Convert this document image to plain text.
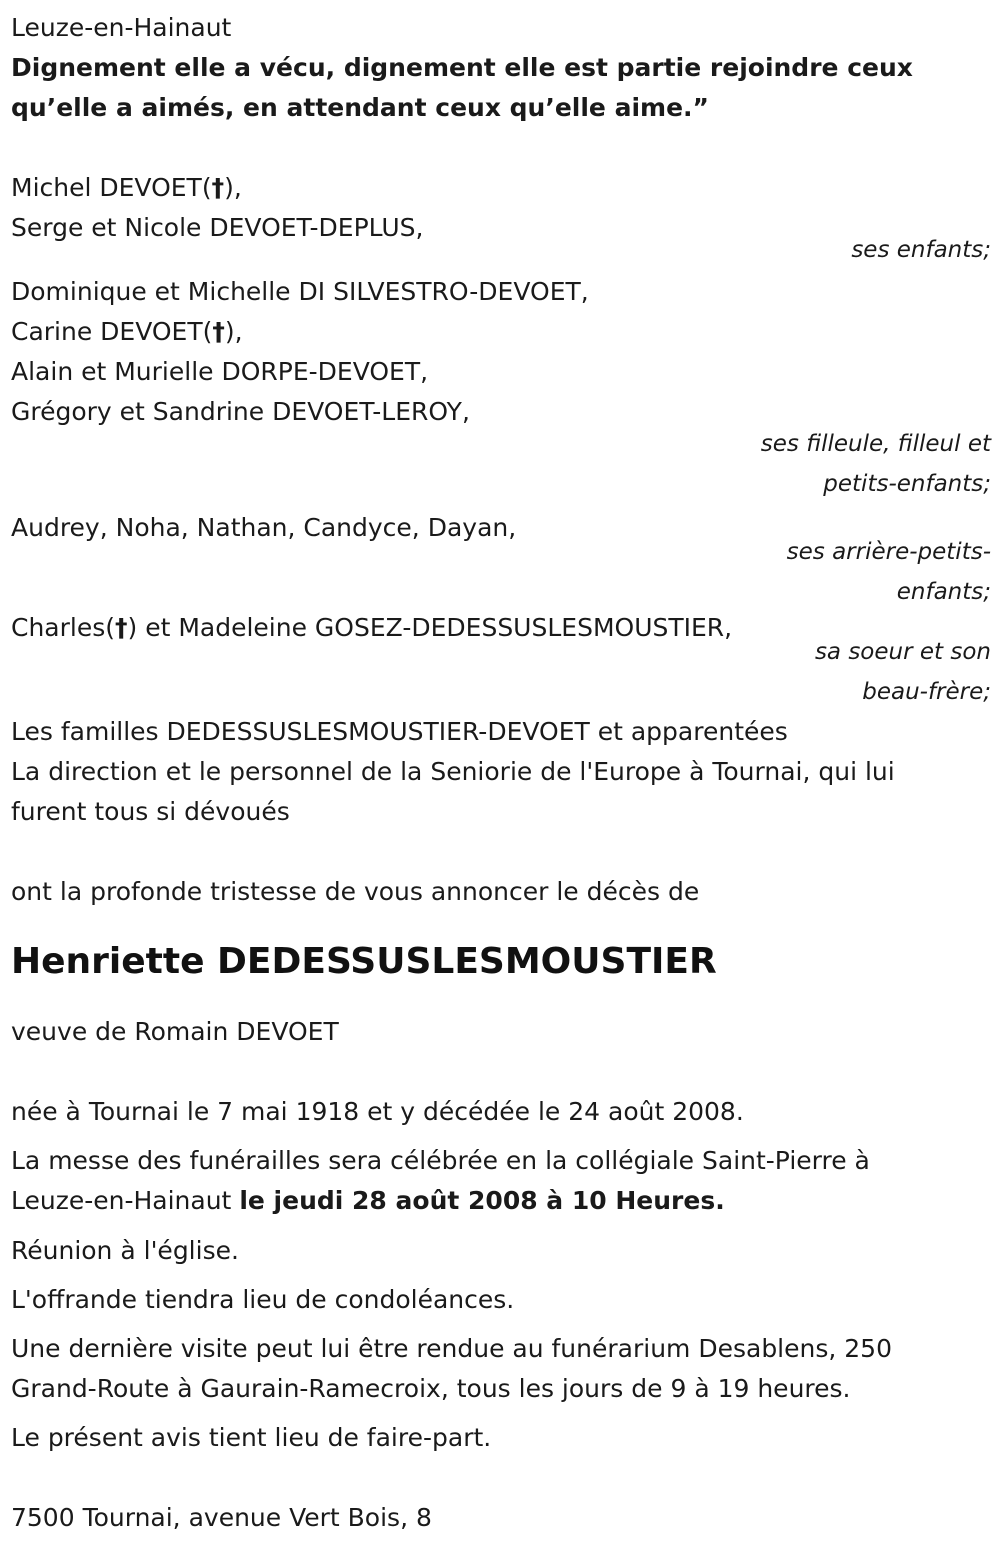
Leuze-en-Hainaut
Dignement elle a vécu, dignement elle est partie rejoindre ceux
qu’elle a aimés, en attendant ceux qu’elle aime.”
Michel DEVOET(†),
Serge et Nicole DEVOET-DEPLUS,
ses enfants;
Dominique et Michelle DI SILVESTRO-DEVOET,
Carine DEVOET(†),
Alain et Murielle DORPE-DEVOET,
Grégory et Sandrine DEVOET-LEROY,
ses filleule, filleul et
petits-enfants;
Audrey, Noha, Nathan, Candyce, Dayan,
ses arrière-petits-
enfants;
Charles(†) et Madeleine GOSEZ-DEDESSUSLESMOUSTIER,
sa soeur et son
beau-frère;
Les familles DEDESSUSLESMOUSTIER-DEVOET et apparentées
La direction et le personnel de la Seniorie de l'Europe à Tournai, qui lui
furent tous si dévoués
ont la profonde tristesse de vous annoncer le décès de
Henriette DEDESSUSLESMOUSTIER
veuve de Romain DEVOET
née à Tournai le 7 mai 1918 et y décédée le 24 août 2008.
La messe des funérailles sera célébrée en la collégiale Saint-Pierre à
Leuze-en-Hainaut le jeudi 28 août 2008 à 10 Heures.
Réunion à l'église.
L'offrande tiendra lieu de condoléances.
Une dernière visite peut lui être rendue au funérarium Desablens, 250
Grand-Route à Gaurain-Ramecroix, tous les jours de 9 à 19 heures.
Le présent avis tient lieu de faire-part.
7500 Tournai, avenue Vert Bois, 8
